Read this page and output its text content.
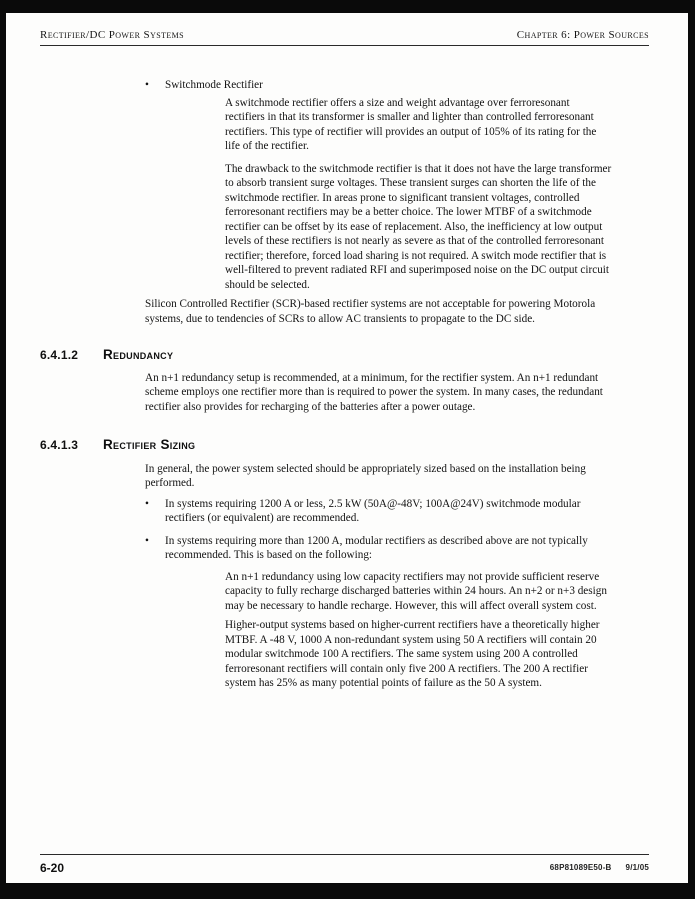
Rectifier/DC Power Systems	Chapter 6: Power Sources
•	Switchmode Rectifier

A switchmode rectifier offers a size and weight advantage over ferroresonant rectifiers in that its transformer is smaller and lighter than controlled ferroresonant rectifiers. This type of rectifier will provides an output of 105% of its rating for the life of the rectifier.

The drawback to the switchmode rectifier is that it does not have the large transformer to absorb transient surge voltages. These transient surges can shorten the life of the switchmode rectifier. In areas prone to significant transient voltages, controlled ferroresonant rectifiers may be a better choice. The lower MTBF of a switchmode rectifier can be offset by its ease of replacement. Also, the inefficiency at low output levels of these rectifiers is not nearly as severe as that of the controlled ferroresonant rectifier; therefore, forced load sharing is not required. A switch mode rectifier that is well-filtered to prevent radiated RFI and superimposed noise on the DC output circuit should be selected.

Silicon Controlled Rectifier (SCR)-based rectifier systems are not acceptable for powering Motorola systems, due to tendencies of SCRs to allow AC transients to propagate to the DC side.

6.4.1.2	Redundancy

An n+1 redundancy setup is recommended, at a minimum, for the rectifier system. An n+1 redundant scheme employs one rectifier more than is required to power the system. In many cases, the redundant rectifier also provides for recharging of the batteries after a power outage.

6.4.1.3	Rectifier Sizing

In general, the power system selected should be appropriately sized based on the installation being performed.

•	In systems requiring 1200 A or less, 2.5 kW (50A@-48V; 100A@24V) switchmode modular rectifiers (or equivalent) are recommended.
•	In systems requiring more than 1200 A, modular rectifiers as described above are not typically recommended. This is based on the following:

An n+1 redundancy using low capacity rectifiers may not provide sufficient reserve capacity to fully recharge discharged batteries within 24 hours. An n+2 or n+3 design may be necessary to handle recharge. However, this will affect overall system cost.

Higher-output systems based on higher-current rectifiers have a theoretically higher MTBF. A -48 V, 1000 A non-redundant system using 50 A rectifiers will contain 20 modular switchmode 100 A rectifiers. The same system using 200 A controlled ferroresonant rectifiers will contain only five 200 A rectifiers. The 200 A rectifier system has 25% as many potential points of failure as the 50 A system.

6-20	68P81089E50-B 9/1/05
